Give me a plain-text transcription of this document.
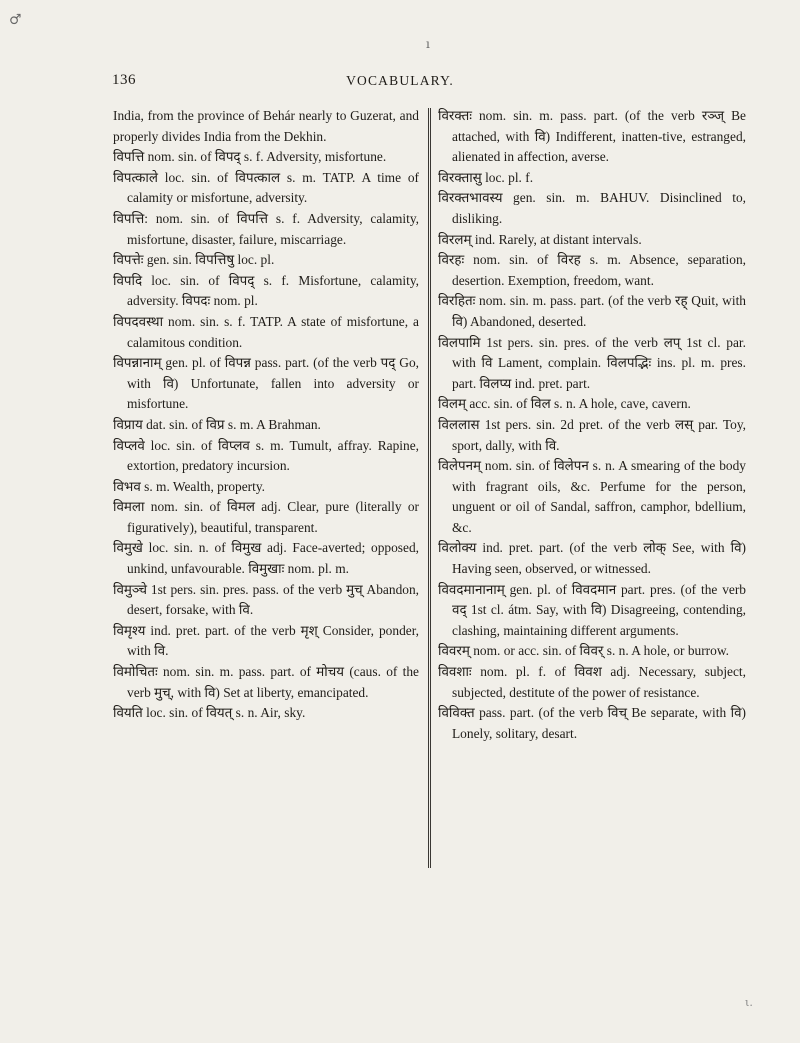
♂
ı
136	VOCABULARY.

India, from the province of Behár nearly to Guzerat, and properly divides India from the Dekhin.

विपत्ति nom. sin. of विपद् s. f. Adversity, misfortune.

विपत्काले loc. sin. of विपत्काल s. m. TATP. A time of calamity or misfortune, adversity.

विपत्ति: nom. sin. of विपत्ति s. f. Adversity, calamity, misfortune, disaster, failure, miscarriage.

विपत्तेः gen. sin. विपत्तिषु loc. pl.

विपदि loc. sin. of विपद् s. f. Misfortune, calamity, adversity. विपदः nom. pl.

विपदवस्था nom. sin. s. f. TATP. A state of misfortune, a calamitous condition.

विपन्नानाम् gen. pl. of विपन्न pass. part. (of the verb पद् Go, with वि) Unfortunate, fallen into adversity or misfortune.

विप्राय dat. sin. of विप्र s. m. A Brahman.

विप्लवे loc. sin. of विप्लव s. m. Tumult, affray. Rapine, extortion, predatory incursion.

विभव s. m. Wealth, property.

विमला nom. sin. of विमल adj. Clear, pure (literally or figuratively), beautiful, transparent.

विमुखे loc. sin. n. of विमुख adj. Face-averted; opposed, unkind, unfavourable. विमुखाः nom. pl. m.

विमुञ्चे 1st pers. sin. pres. pass. of the verb मुच् Abandon, desert, forsake, with वि.

विमृश्य ind. pret. part. of the verb मृश् Consider, ponder, with वि.

विमोचितः nom. sin. m. pass. part. of मोचय (caus. of the verb मुच्, with वि) Set at liberty, emancipated.

वियति loc. sin. of वियत् s. n. Air, sky.

विरक्तः nom. sin. m. pass. part. (of the verb रञ्ज् Be attached, with वि) Indifferent, inatten-tive, estranged, alienated in affection, averse.

विरक्तासु loc. pl. f.

विरक्तभावस्य gen. sin. m. BAHUV. Disinclined to, disliking.

विरलम् ind. Rarely, at distant intervals.

विरहः nom. sin. of विरह s. m. Absence, separation, desertion. Exemption, freedom, want.

विरहितः nom. sin. m. pass. part. (of the verb रह् Quit, with वि) Abandoned, deserted.

विलपामि 1st pers. sin. pres. of the verb लप् 1st cl. par. with वि Lament, complain. विलपद्भिः ins. pl. m. pres. part. विलप्य ind. pret. part.

विलम् acc. sin. of विल s. n. A hole, cave, cavern.

विललास 1st pers. sin. 2d pret. of the verb लस् par. Toy, sport, dally, with वि.

विलेपनम् nom. sin. of विलेपन s. n. A smearing of the body with fragrant oils, &c. Perfume for the person, unguent or oil of Sandal, saffron, camphor, bdellium, &c.

विलोक्य ind. pret. part. (of the verb लोक् See, with वि) Having seen, observed, or witnessed.

विवदमानानाम् gen. pl. of विवदमान part. pres. (of the verb वद् 1st cl. átm. Say, with वि) Disagreeing, contending, clashing, maintaining different arguments.

विवरम् nom. or acc. sin. of विवर् s. n. A hole, or burrow.

विवशाः nom. pl. f. of विवश adj. Necessary, subject, subjected, destitute of the power of resistance.

विविक्त pass. part. (of the verb विच् Be separate, with वि) Lonely, solitary, desart.

ι.
